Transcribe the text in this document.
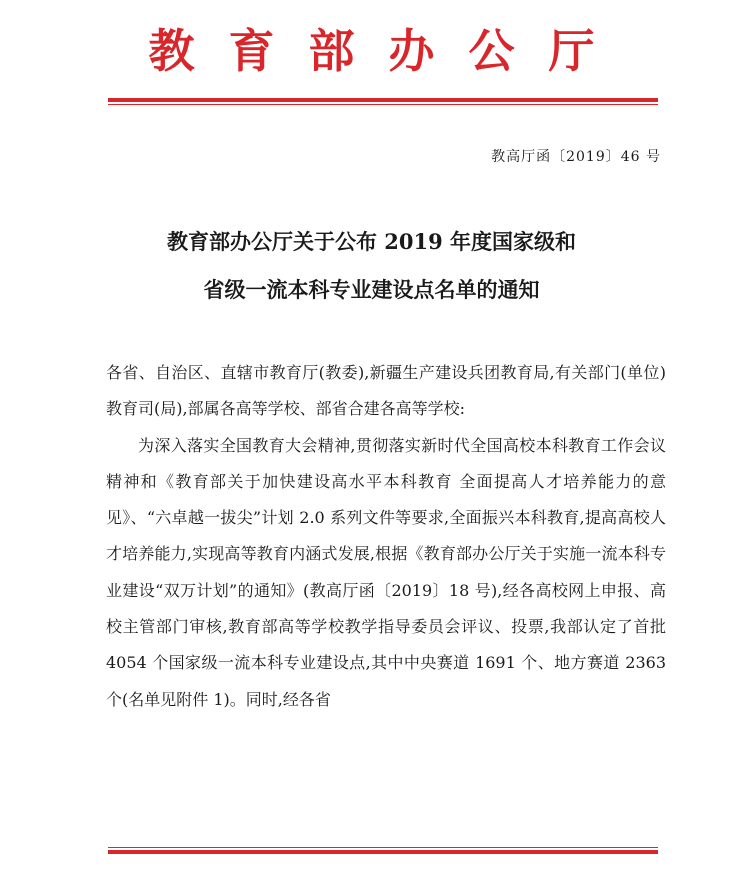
教育部办公厅
教高厅函〔2019〕46 号
教育部办公厅关于公布 2019 年度国家级和
省级一流本科专业建设点名单的通知

各省、自治区、直辖市教育厅(教委),新疆生产建设兵团教育局,有关部门(单位)教育司(局),部属各高等学校、部省合建各高等学校:

为深入落实全国教育大会精神,贯彻落实新时代全国高校本科教育工作会议精神和《教育部关于加快建设高水平本科教育 全面提高人才培养能力的意见》、“六卓越一拔尖”计划 2.0 系列文件等要求,全面振兴本科教育,提高高校人才培养能力,实现高等教育内涵式发展,根据《教育部办公厅关于实施一流本科专业建设“双万计划”的通知》(教高厅函〔2019〕18 号),经各高校网上申报、高校主管部门审核,教育部高等学校教学指导委员会评议、投票,我部认定了首批 4054 个国家级一流本科专业建设点,其中中央赛道 1691 个、地方赛道 2363 个(名单见附件 1)。同时,经各省
